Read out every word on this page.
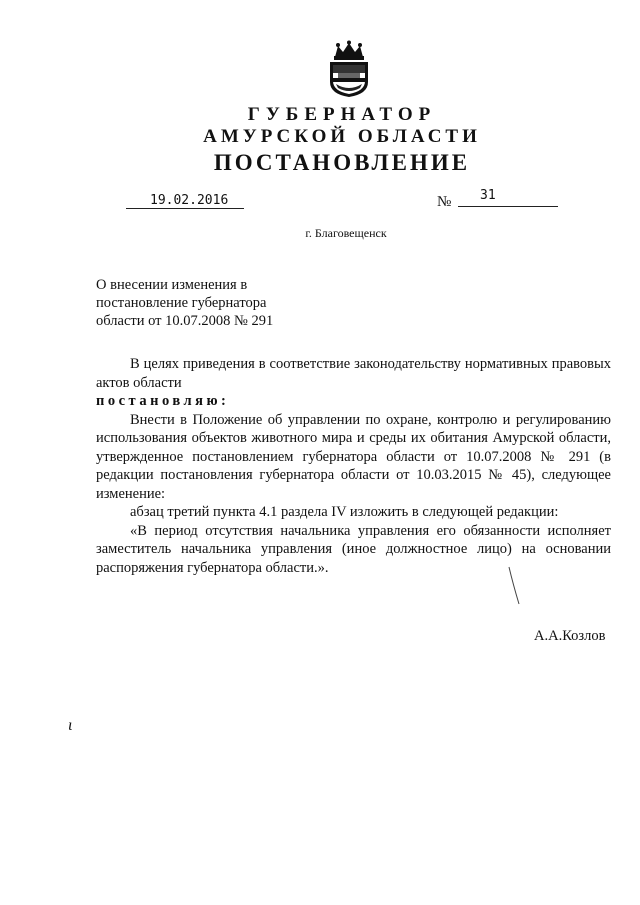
ГУБЕРНАТОР
АМУРСКОЙ ОБЛАСТИ
ПОСТАНОВЛЕНИЕ
19.02.2016	№ 31
г. Благовещенск
О внесении изменения в
постановление губернатора
области от 10.07.2008 № 291

В целях приведения в соответствие законодательству нормативных правовых актов области

постановляю:

Внести в Положение об управлении по охране, контролю и регулированию использования объектов животного мира и среды их обитания Амурской области, утвержденное постановлением губернатора области от 10.07.2008 № 291 (в редакции постановления губернатора области от 10.03.2015 № 45), следующее изменение:

абзац третий пункта 4.1 раздела IV изложить в следующей редакции:

«В период отсутствия начальника управления его обязанности исполняет заместитель начальника управления (иное должностное лицо) на основании распоряжения губернатора области.».

А.А.Козлов
ι
